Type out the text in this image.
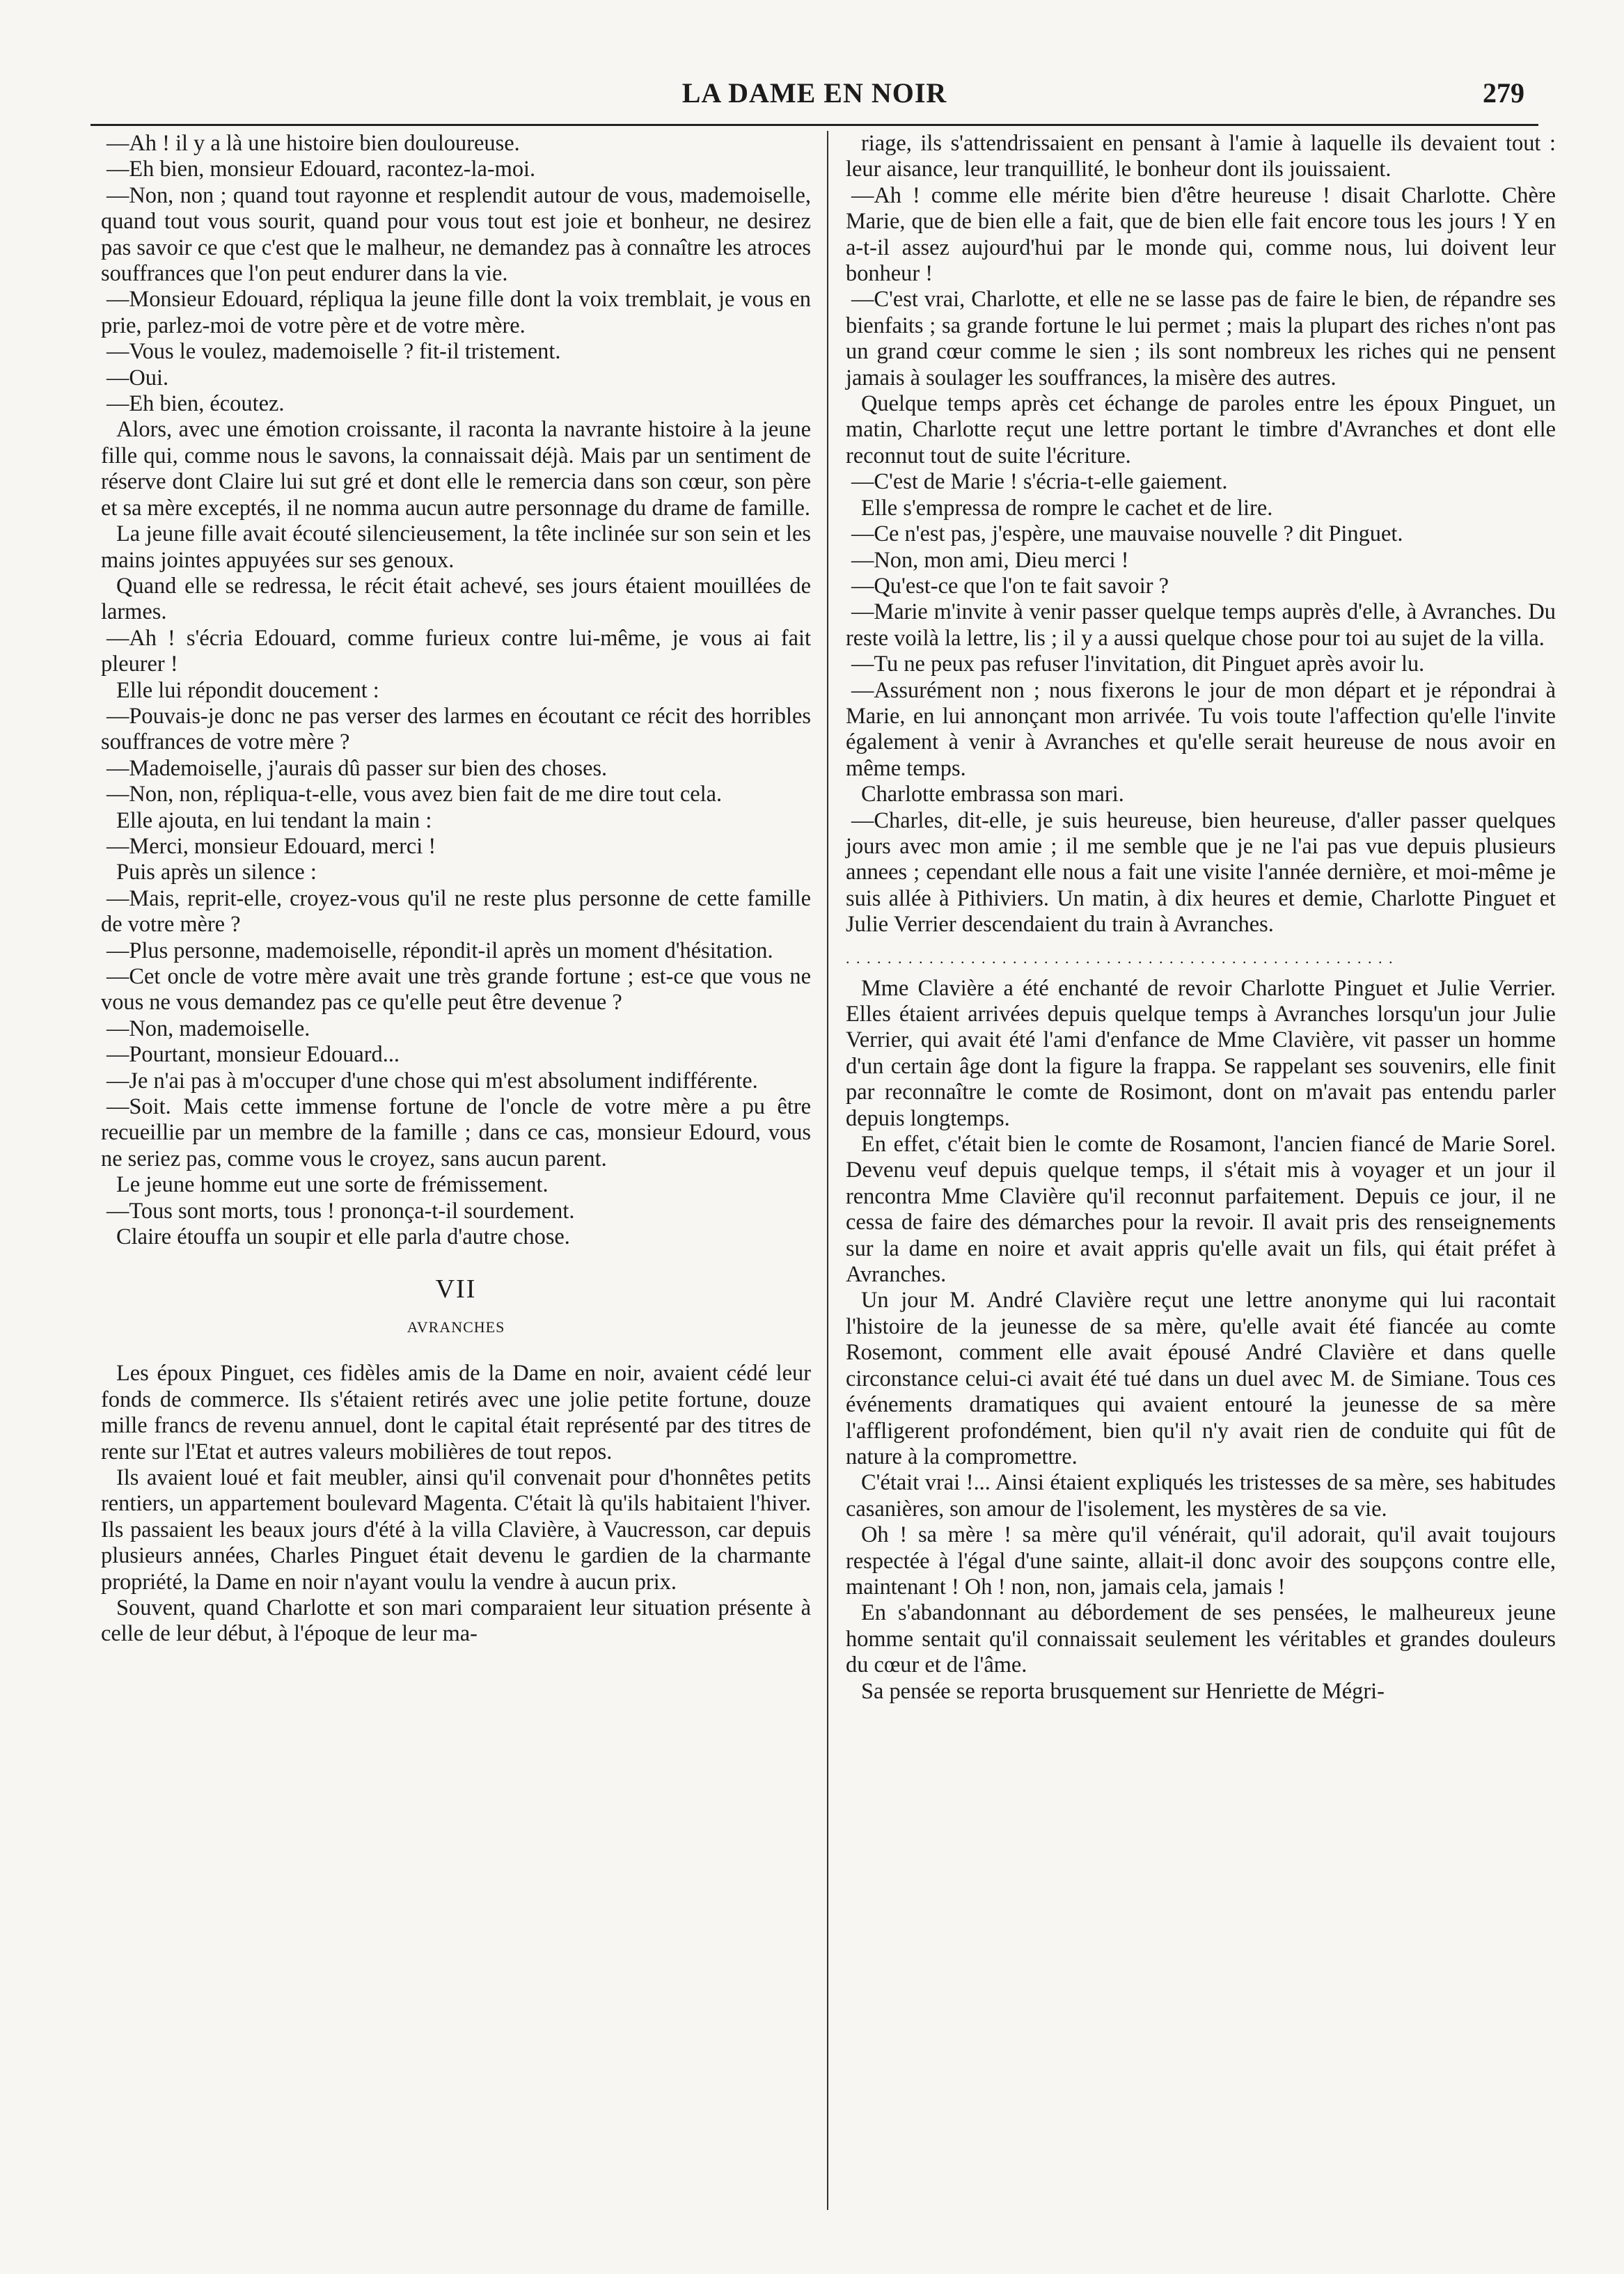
LA DAME EN NOIR	279

—Ah ! il y a là une histoire bien douloureuse.

—Eh bien, monsieur Edouard, racontez-la-moi.

—Non, non ; quand tout rayonne et resplendit autour de vous, mademoiselle, quand tout vous sourit, quand pour vous tout est joie et bonheur, ne desirez pas savoir ce que c'est que le malheur, ne demandez pas à connaître les atroces souffrances que l'on peut endurer dans la vie.

—Monsieur Edouard, répliqua la jeune fille dont la voix tremblait, je vous en prie, parlez-moi de votre père et de votre mère.

—Vous le voulez, mademoiselle ? fit-il tristement.

—Oui.

—Eh bien, écoutez.

Alors, avec une émotion croissante, il raconta la navrante histoire à la jeune fille qui, comme nous le savons, la connaissait déjà. Mais par un sentiment de réserve dont Claire lui sut gré et dont elle le remercia dans son cœur, son père et sa mère exceptés, il ne nomma aucun autre personnage du drame de famille.

La jeune fille avait écouté silencieusement, la tête inclinée sur son sein et les mains jointes appuyées sur ses genoux.

Quand elle se redressa, le récit était achevé, ses jours étaient mouillées de larmes.

—Ah ! s'écria Edouard, comme furieux contre lui-même, je vous ai fait pleurer !

Elle lui répondit doucement :

—Pouvais-je donc ne pas verser des larmes en écoutant ce récit des horribles souffrances de votre mère ?

—Mademoiselle, j'aurais dû passer sur bien des choses.

—Non, non, répliqua-t-elle, vous avez bien fait de me dire tout cela.

Elle ajouta, en lui tendant la main :

—Merci, monsieur Edouard, merci !

Puis après un silence :

—Mais, reprit-elle, croyez-vous qu'il ne reste plus personne de cette famille de votre mère ?

—Plus personne, mademoiselle, répondit-il après un moment d'hésitation.

—Cet oncle de votre mère avait une très grande fortune ; est-ce que vous ne vous ne vous demandez pas ce qu'elle peut être devenue ?

—Non, mademoiselle.

—Pourtant, monsieur Edouard...

—Je n'ai pas à m'occuper d'une chose qui m'est absolument indifférente.

—Soit. Mais cette immense fortune de l'oncle de votre mère a pu être recueillie par un membre de la famille ; dans ce cas, monsieur Edourd, vous ne seriez pas, comme vous le croyez, sans aucun parent.

Le jeune homme eut une sorte de frémissement.

—Tous sont morts, tous ! prononça-t-il sourdement.

Claire étouffa un soupir et elle parla d'autre chose.

VII
AVRANCHES

Les époux Pinguet, ces fidèles amis de la Dame en noir, avaient cédé leur fonds de commerce. Ils s'étaient retirés avec une jolie petite fortune, douze mille francs de revenu annuel, dont le capital était représenté par des titres de rente sur l'Etat et autres valeurs mobilières de tout repos.

Ils avaient loué et fait meubler, ainsi qu'il convenait pour d'honnêtes petits rentiers, un appartement boulevard Magenta. C'était là qu'ils habitaient l'hiver. Ils passaient les beaux jours d'été à la villa Clavière, à Vaucresson, car depuis plusieurs années, Charles Pinguet était devenu le gardien de la charmante propriété, la Dame en noir n'ayant voulu la vendre à aucun prix.

Souvent, quand Charlotte et son mari comparaient leur situation présente à celle de leur début, à l'époque de leur ma-

riage, ils s'attendrissaient en pensant à l'amie à laquelle ils devaient tout : leur aisance, leur tranquillité, le bonheur dont ils jouissaient.

—Ah ! comme elle mérite bien d'être heureuse ! disait Charlotte. Chère Marie, que de bien elle a fait, que de bien elle fait encore tous les jours ! Y en a-t-il assez aujourd'hui par le monde qui, comme nous, lui doivent leur bonheur !

—C'est vrai, Charlotte, et elle ne se lasse pas de faire le bien, de répandre ses bienfaits ; sa grande fortune le lui permet ; mais la plupart des riches n'ont pas un grand cœur comme le sien ; ils sont nombreux les riches qui ne pensent jamais à soulager les souffrances, la misère des autres.

Quelque temps après cet échange de paroles entre les époux Pinguet, un matin, Charlotte reçut une lettre portant le timbre d'Avranches et dont elle reconnut tout de suite l'écriture.

—C'est de Marie ! s'écria-t-elle gaiement.

Elle s'empressa de rompre le cachet et de lire.

—Ce n'est pas, j'espère, une mauvaise nouvelle ? dit Pinguet.

—Non, mon ami, Dieu merci !

—Qu'est-ce que l'on te fait savoir ?

—Marie m'invite à venir passer quelque temps auprès d'elle, à Avranches. Du reste voilà la lettre, lis ; il y a aussi quelque chose pour toi au sujet de la villa.

—Tu ne peux pas refuser l'invitation, dit Pinguet après avoir lu.

—Assurément non ; nous fixerons le jour de mon départ et je répondrai à Marie, en lui annonçant mon arrivée. Tu vois toute l'affection qu'elle l'invite également à venir à Avranches et qu'elle serait heureuse de nous avoir en même temps.

Charlotte embrassa son mari.

—Charles, dit-elle, je suis heureuse, bien heureuse, d'aller passer quelques jours avec mon amie ; il me semble que je ne l'ai pas vue depuis plusieurs annees ; cependant elle nous a fait une visite l'année dernière, et moi-même je suis allée à Pithiviers. Un matin, à dix heures et demie, Charlotte Pinguet et Julie Verrier descendaient du train à Avranches.

. . . . . . . . . . . . . . . . . . . . . . . . . . . . . . . . . . . . . . . . . . . . . . . . . . . . .

Mme Clavière a été enchanté de revoir Charlotte Pinguet et Julie Verrier. Elles étaient arrivées depuis quelque temps à Avranches lorsqu'un jour Julie Verrier, qui avait été l'ami d'enfance de Mme Clavière, vit passer un homme d'un certain âge dont la figure la frappa. Se rappelant ses souvenirs, elle finit par reconnaître le comte de Rosimont, dont on m'avait pas entendu parler depuis longtemps.

En effet, c'était bien le comte de Rosamont, l'ancien fiancé de Marie Sorel. Devenu veuf depuis quelque temps, il s'était mis à voyager et un jour il rencontra Mme Clavière qu'il reconnut parfaitement. Depuis ce jour, il ne cessa de faire des démarches pour la revoir. Il avait pris des renseignements sur la dame en noire et avait appris qu'elle avait un fils, qui était préfet à Avranches.

Un jour M. André Clavière reçut une lettre anonyme qui lui racontait l'histoire de la jeunesse de sa mère, qu'elle avait été fiancée au comte Rosemont, comment elle avait épousé André Clavière et dans quelle circonstance celui-ci avait été tué dans un duel avec M. de Simiane. Tous ces événements dramatiques qui avaient entouré la jeunesse de sa mère l'affligerent profondément, bien qu'il n'y avait rien de conduite qui fût de nature à la compromettre.

C'était vrai !... Ainsi étaient expliqués les tristesses de sa mère, ses habitudes casanières, son amour de l'isolement, les mystères de sa vie.

Oh ! sa mère ! sa mère qu'il vénérait, qu'il adorait, qu'il avait toujours respectée à l'égal d'une sainte, allait-il donc avoir des soupçons contre elle, maintenant ! Oh ! non, non, jamais cela, jamais !

En s'abandonnant au débordement de ses pensées, le malheureux jeune homme sentait qu'il connaissait seulement les véritables et grandes douleurs du cœur et de l'âme.

Sa pensée se reporta brusquement sur Henriette de Mégri-
